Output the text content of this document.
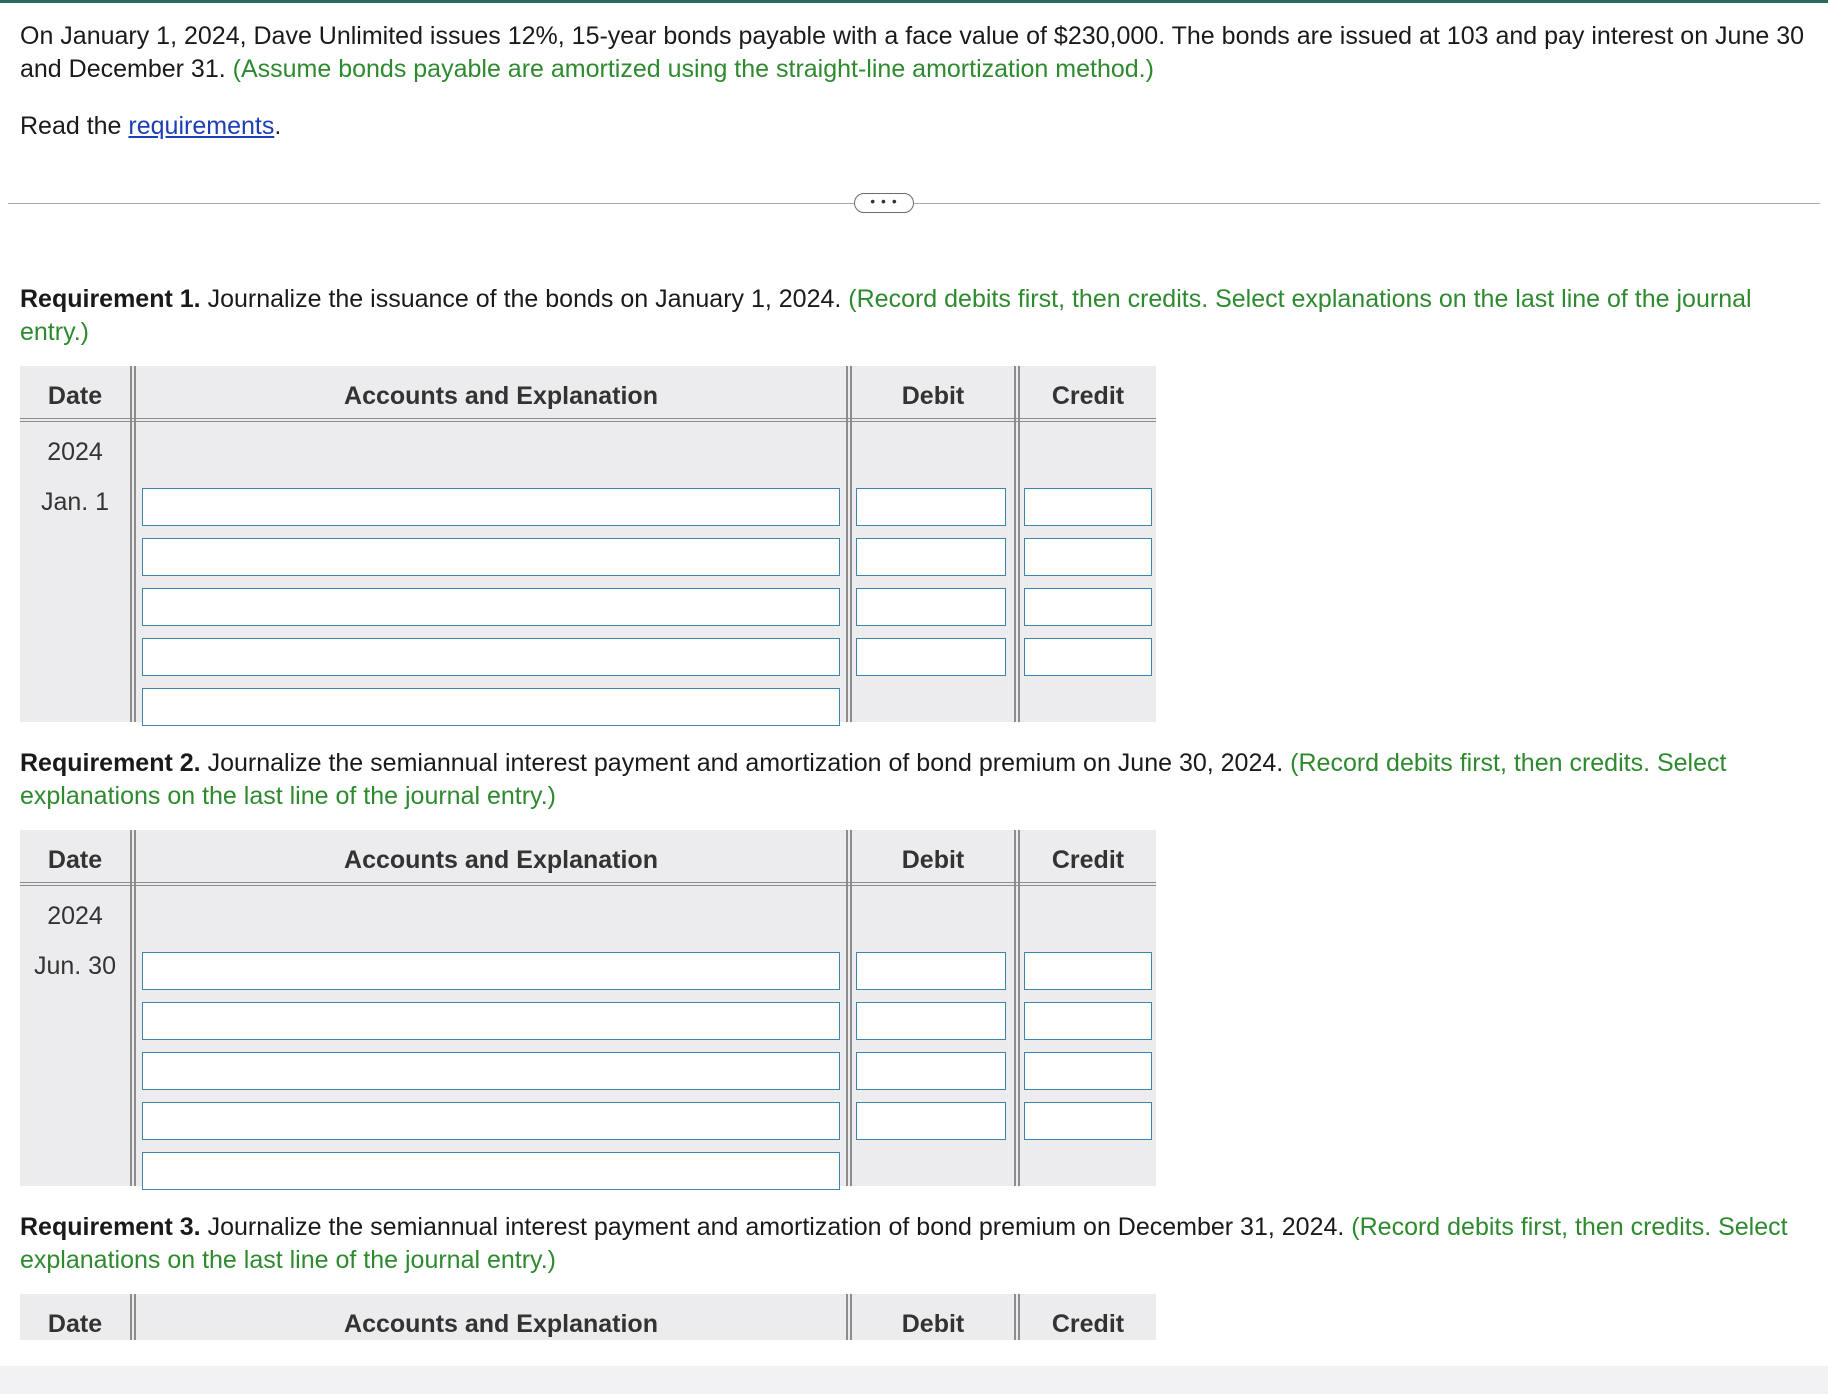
On January 1, 2024, Dave Unlimited issues 12%, 15-year bonds payable with a face value of $230,000. The bonds are issued at 103 and pay interest on June 30 and December 31. (Assume bonds payable are amortized using the straight-line amortization method.)

Read the requirements.

• • •

Requirement 1. Journalize the issuance of the bonds on January 1, 2024. (Record debits first, then credits. Select explanations on the last line of the journal entry.)

Date	Accounts and Explanation	Debit	Credit
2024
Jan. 1

Requirement 2. Journalize the semiannual interest payment and amortization of bond premium on June 30, 2024. (Record debits first, then credits. Select explanations on the last line of the journal entry.)

Date	Accounts and Explanation	Debit	Credit
2024
Jun. 30

Requirement 3. Journalize the semiannual interest payment and amortization of bond premium on December 31, 2024. (Record debits first, then credits. Select explanations on the last line of the journal entry.)

Date	Accounts and Explanation	Debit	Credit
